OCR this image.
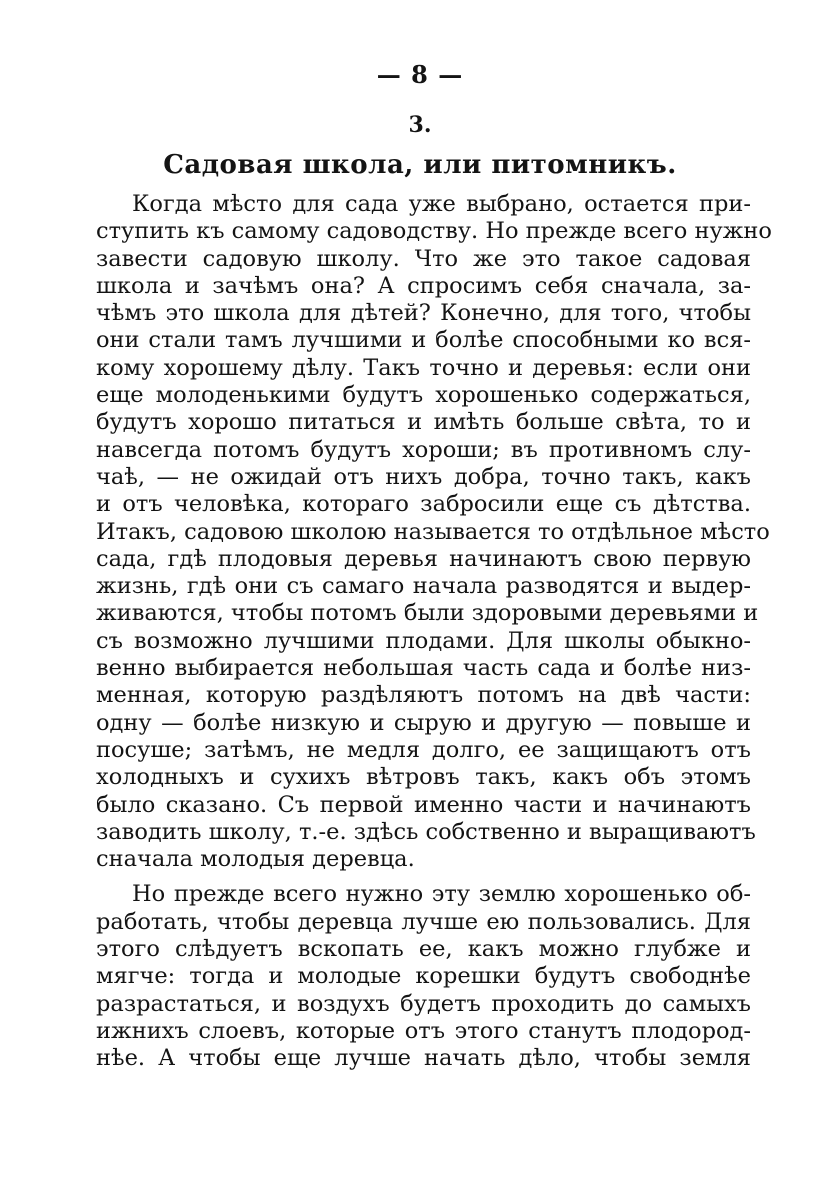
— 8 —
3.
Садовая школа, или питомникъ.
Когда мѣсто для сада уже выбрано, остается при-
ступить къ самому садоводству. Но прежде всего нужно
завести садовую школу. Что же это такое садовая
школа и зачѣмъ она? А спросимъ себя сначала, за-
чѣмъ это школа для дѣтей? Конечно, для того, чтобы
они стали тамъ лучшими и болѣе способными ко вся-
кому хорошему дѣлу. Такъ точно и деревья: если они
еще молоденькими будутъ хорошенько содержаться,
будутъ хорошо питаться и имѣть больше свѣта, то и
навсегда потомъ будутъ хороши; въ противномъ слу-
чаѣ, — не ожидай отъ нихъ добра, точно такъ, какъ
и отъ человѣка, котораго забросили еще съ дѣтства.
Итакъ, садовою школою называется то отдѣльное мѣсто
сада, гдѣ плодовыя деревья начинаютъ свою первую
жизнь, гдѣ они съ самаго начала разводятся и выдер-
живаются, чтобы потомъ были здоровыми деревьями и
съ возможно лучшими плодами. Для школы обыкно-
венно выбирается небольшая часть сада и болѣе низ-
менная, которую раздѣляютъ потомъ на двѣ части:
одну — болѣе низкую и сырую и другую — повыше и
посуше; затѣмъ, не медля долго, ее защищаютъ отъ
холодныхъ и сухихъ вѣтровъ такъ, какъ объ этомъ
было сказано. Съ первой именно части и начинаютъ
заводить школу, т.-е. здѣсь собственно и выращиваютъ
сначала молодыя деревца.
Но прежде всего нужно эту землю хорошенько об-
работать, чтобы деревца лучше ею пользовались. Для
этого слѣдуетъ вскопать ее, какъ можно глубже и
мягче: тогда и молодые корешки будутъ свободнѣе
разрастаться, и воздухъ будетъ проходить до самыхъ
ижнихъ слоевъ, которые отъ этого станутъ плодород-
нѣе. А чтобы еще лучше начать дѣло, чтобы земля
